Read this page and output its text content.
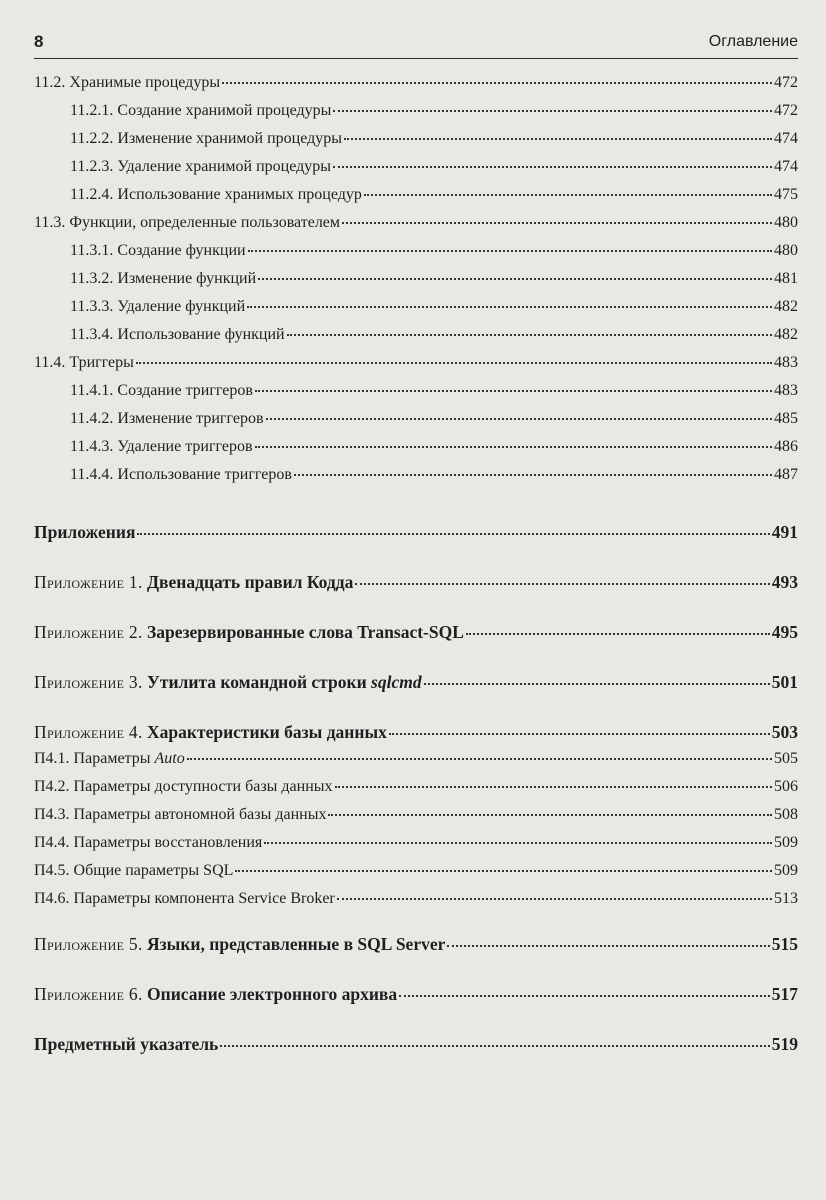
8	Оглавление
11.2. Хранимые процедуры	472
11.2.1. Создание хранимой процедуры	472
11.2.2. Изменение хранимой процедуры	474
11.2.3. Удаление хранимой процедуры	474
11.2.4. Использование хранимых процедур	475
11.3. Функции, определенные пользователем	480
11.3.1. Создание функции	480
11.3.2. Изменение функций	481
11.3.3. Удаление функций	482
11.3.4. Использование функций	482
11.4. Триггеры	483
11.4.1. Создание триггеров	483
11.4.2. Изменение триггеров	485
11.4.3. Удаление триггеров	486
11.4.4. Использование триггеров	487
Приложения	491
Приложение 1. Двенадцать правил Кодда	493
Приложение 2. Зарезервированные слова Transact-SQL	495
Приложение 3. Утилита командной строки sqlcmd	501
Приложение 4. Характеристики базы данных	503
П4.1. Параметры Auto	505
П4.2. Параметры доступности базы данных	506
П4.3. Параметры автономной базы данных	508
П4.4. Параметры восстановления	509
П4.5. Общие параметры SQL	509
П4.6. Параметры компонента Service Broker	513
Приложение 5. Языки, представленные в SQL Server	515
Приложение 6. Описание электронного архива	517
Предметный указатель	519
